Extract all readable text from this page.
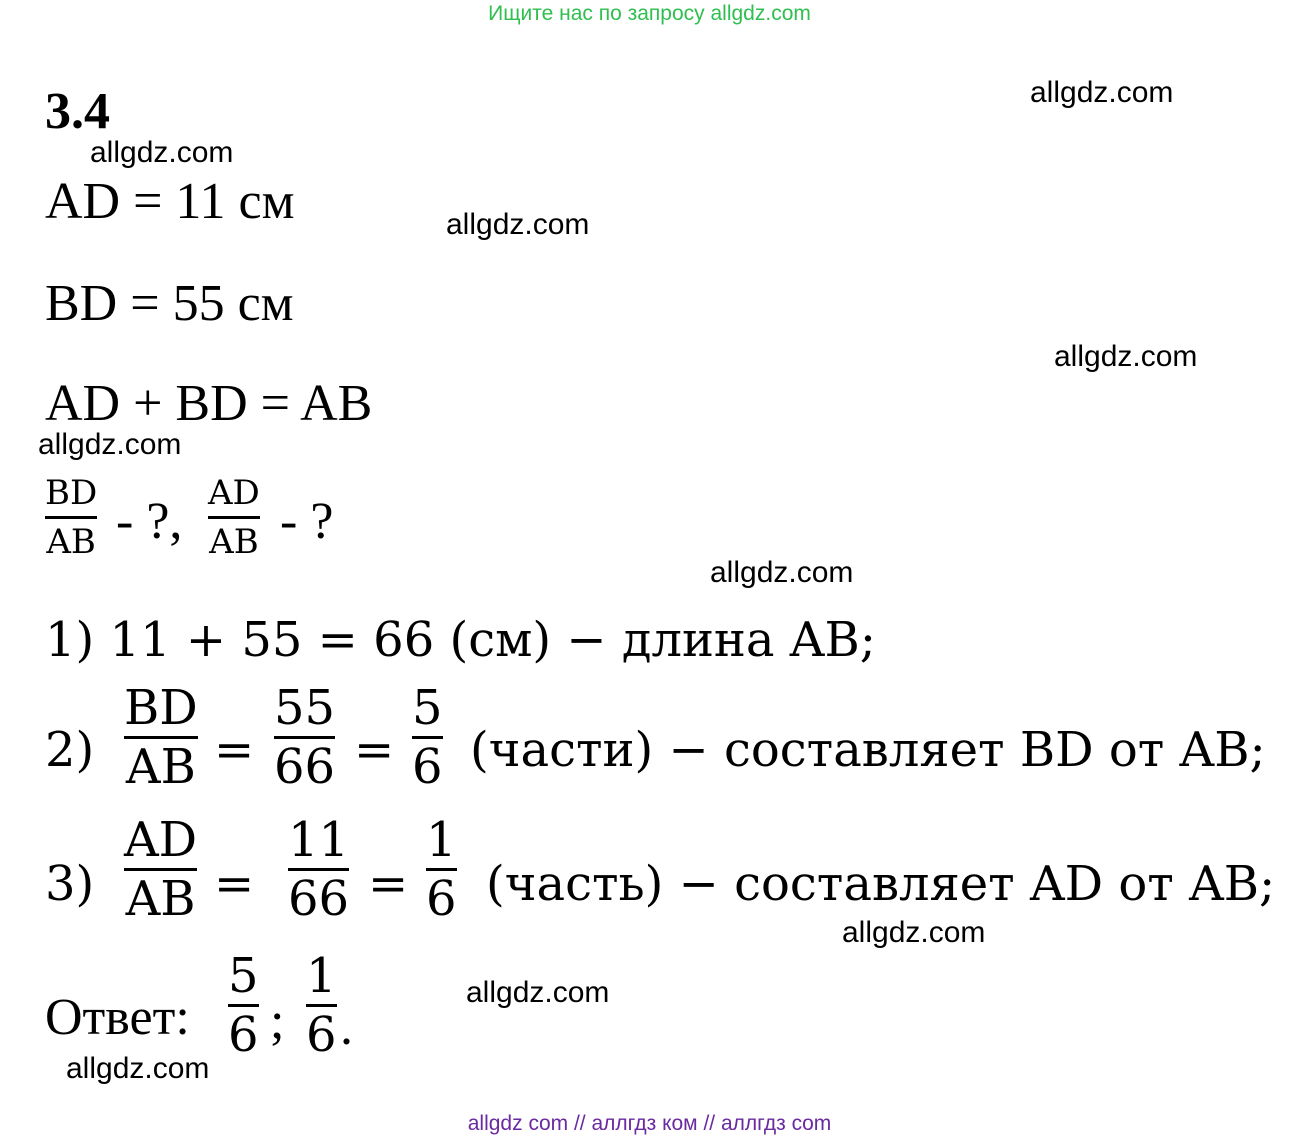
Ищите нас по запросу allgdz.com
allgdz.com
allgdz.com
allgdz.com
allgdz.com
allgdz.com
allgdz.com
allgdz.com
allgdz.com
allgdz.com
3.4
AD = 11 см
BD = 55 см
AD + BD = AB
BD
AB - ?, AD
AB - ?
1) 11 + 55 = 66 (см) − длина AB;
2)
BD
AB =
55
66 =
5
6 (части) − составляет BD от AB;
3)
AD
AB =
11
66 =
1
6 (часть) − составляет AD от AB;
Ответ:
5
6 ;
1
6 .
allgdz com // аллгдз ком // аллгдз com
